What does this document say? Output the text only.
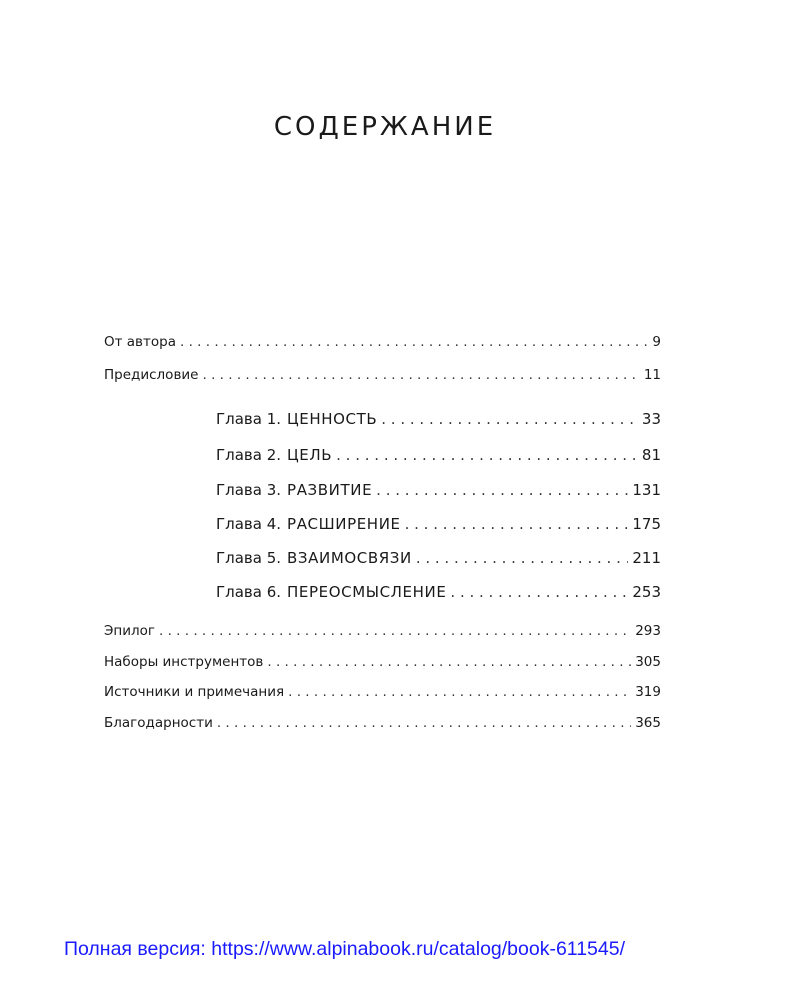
СОДЕРЖАНИЕ
От автора . . .	9
Предисловие . . .	11
Глава 1. ЦЕННОСТЬ . . .	33
Глава 2. ЦЕЛЬ . . .	81
Глава 3. РАЗВИТИЕ . . .	131
Глава 4. РАСШИРЕНИЕ . . .	175
Глава 5. ВЗАИМОСВЯЗИ . . .	211
Глава 6. ПЕРЕОСМЫСЛЕНИЕ . . .	253
Эпилог . . .	293
Наборы инструментов . . .	305
Источники и примечания . . .	319
Благодарности . . .	365
Полная версия: https://www.alpinabook.ru/catalog/book-611545/
